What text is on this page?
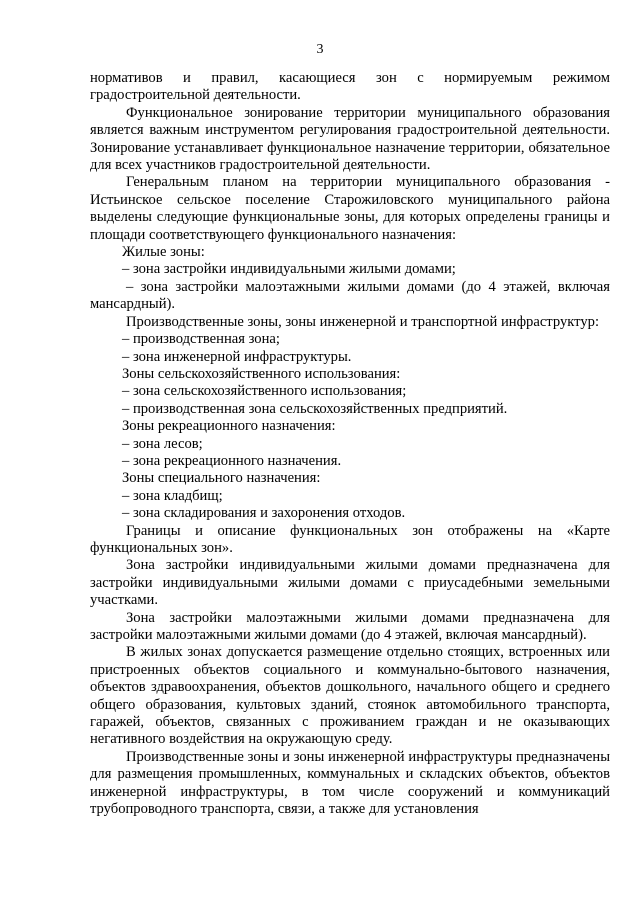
3

нормативов и правил, касающиеся зон с нормируемым режимом градостроительной деятельности.

Функциональное зонирование территории муниципального образования является важным инструментом регулирования градостроительной деятельности. Зонирование устанавливает функциональное назначение территории, обязательное для всех участников градостроительной деятельности.

Генеральным планом на территории муниципального образования - Истьинское сельское поселение Старожиловского муниципального района выделены следующие функциональные зоны, для которых определены границы и площади соответствующего функционального назначения:

Жилые зоны:

– зона застройки индивидуальными жилыми домами;

– зона застройки малоэтажными жилыми домами (до 4 этажей, включая мансардный).

Производственные зоны, зоны инженерной и транспортной инфраструктур:

– производственная зона;

– зона инженерной инфраструктуры.

Зоны сельскохозяйственного использования:

– зона сельскохозяйственного использования;

– производственная зона сельскохозяйственных предприятий.

Зоны рекреационного назначения:

– зона лесов;

– зона рекреационного назначения.

Зоны специального назначения:

– зона кладбищ;

– зона складирования и захоронения отходов.

Границы и описание функциональных зон отображены на «Карте функциональных зон».

Зона застройки индивидуальными жилыми домами предназначена для застройки индивидуальными жилыми домами с приусадебными земельными участками.

Зона застройки малоэтажными жилыми домами предназначена для застройки малоэтажными жилыми домами (до 4 этажей, включая мансардный).

В жилых зонах допускается размещение отдельно стоящих, встроенных или пристроенных объектов социального и коммунально-бытового назначения, объектов здравоохранения, объектов дошкольного, начального общего и среднего общего образования, культовых зданий, стоянок автомобильного транспорта, гаражей, объектов, связанных с проживанием граждан и не оказывающих негативного воздействия на окружающую среду.

Производственные зоны и зоны инженерной инфраструктуры предназначены для размещения промышленных, коммунальных и складских объектов, объектов инженерной инфраструктуры, в том числе сооружений и коммуникаций трубопроводного транспорта, связи, а также для установления
